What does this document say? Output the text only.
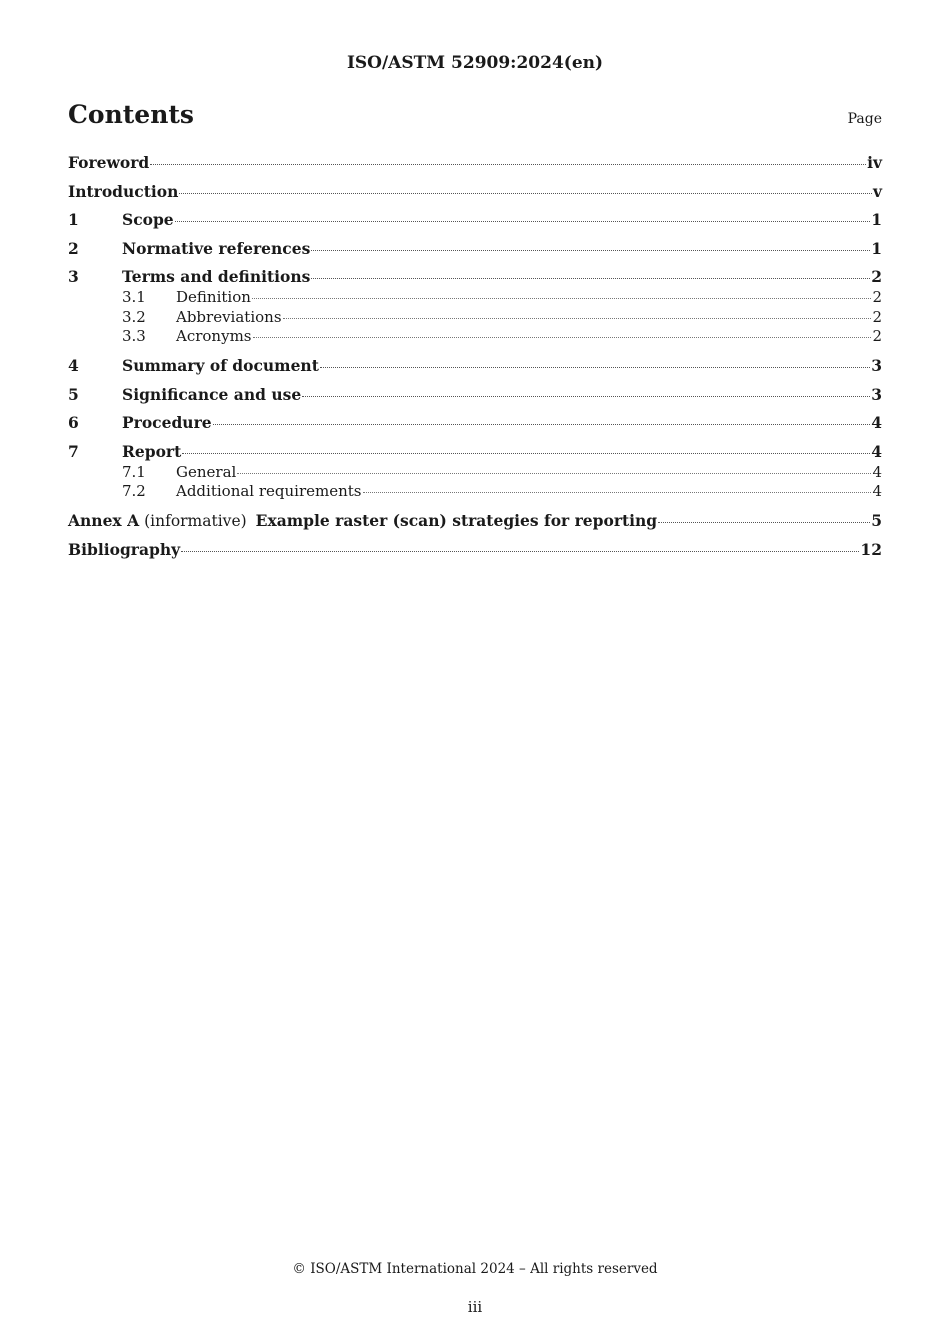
ISO/ASTM 52909:2024(en)
Contents	Page
Foreword	iv
Introduction	v
1	Scope	1
2	Normative references	1
3	Terms and definitions	2
3.1	Definition	2
3.2	Abbreviations	2
3.3	Acronyms	2
4	Summary of document	3
5	Significance and use	3
6	Procedure	4
7	Report	4
7.1	General	4
7.2	Additional requirements	4
Annex A (informative) Example raster (scan) strategies for reporting	5
Bibliography	12
© ISO/ASTM International 2024 – All rights reserved
iii
